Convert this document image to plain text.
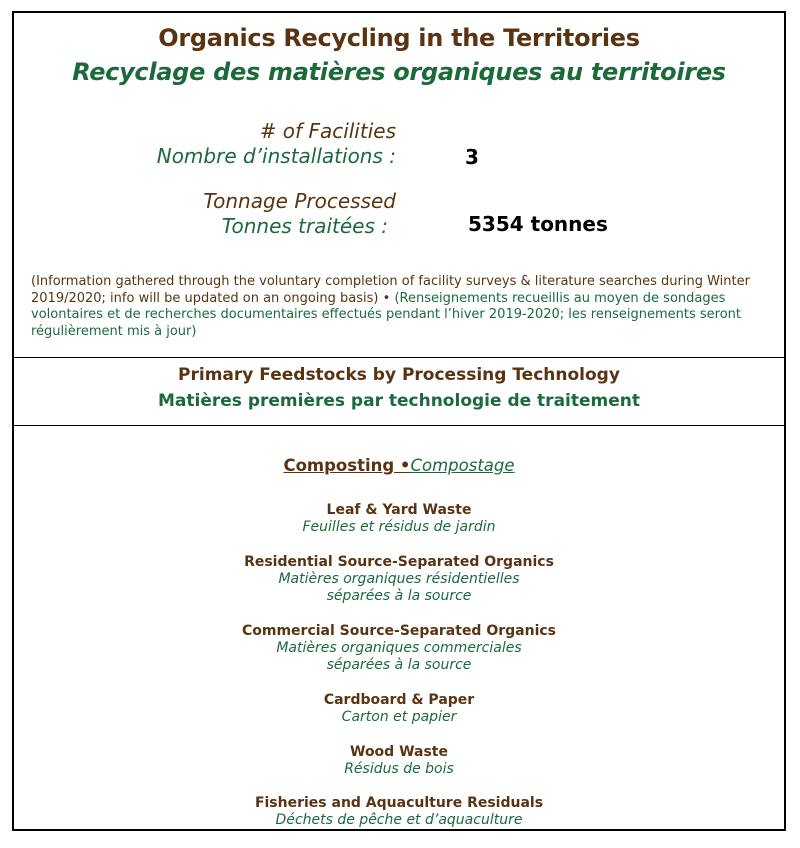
Organics Recycling in the Territories
Recyclage des matières organiques au territoires
# of Facilities
Nombre d’installations :	3
Tonnage Processed
Tonnes traitées :	5354 tonnes
(Information gathered through the voluntary completion of facility surveys & literature searches during Winter 2019/2020; info will be updated on an ongoing basis) • (Renseignements recueillis au moyen de sondages volontaires et de recherches documentaires effectués pendant l’hiver 2019-2020; les renseignements seront régulièrement mis à jour)
Primary Feedstocks by Processing Technology
Matières premières par technologie de traitement
Composting •Compostage
Leaf & Yard Waste
Feuilles et résidus de jardin
Residential Source-Separated Organics
Matières organiques résidentielles
séparées à la source
Commercial Source-Separated Organics
Matières organiques commerciales
séparées à la source
Cardboard & Paper
Carton et papier
Wood Waste
Résidus de bois
Fisheries and Aquaculture Residuals
Déchets de pêche et d’aquaculture
